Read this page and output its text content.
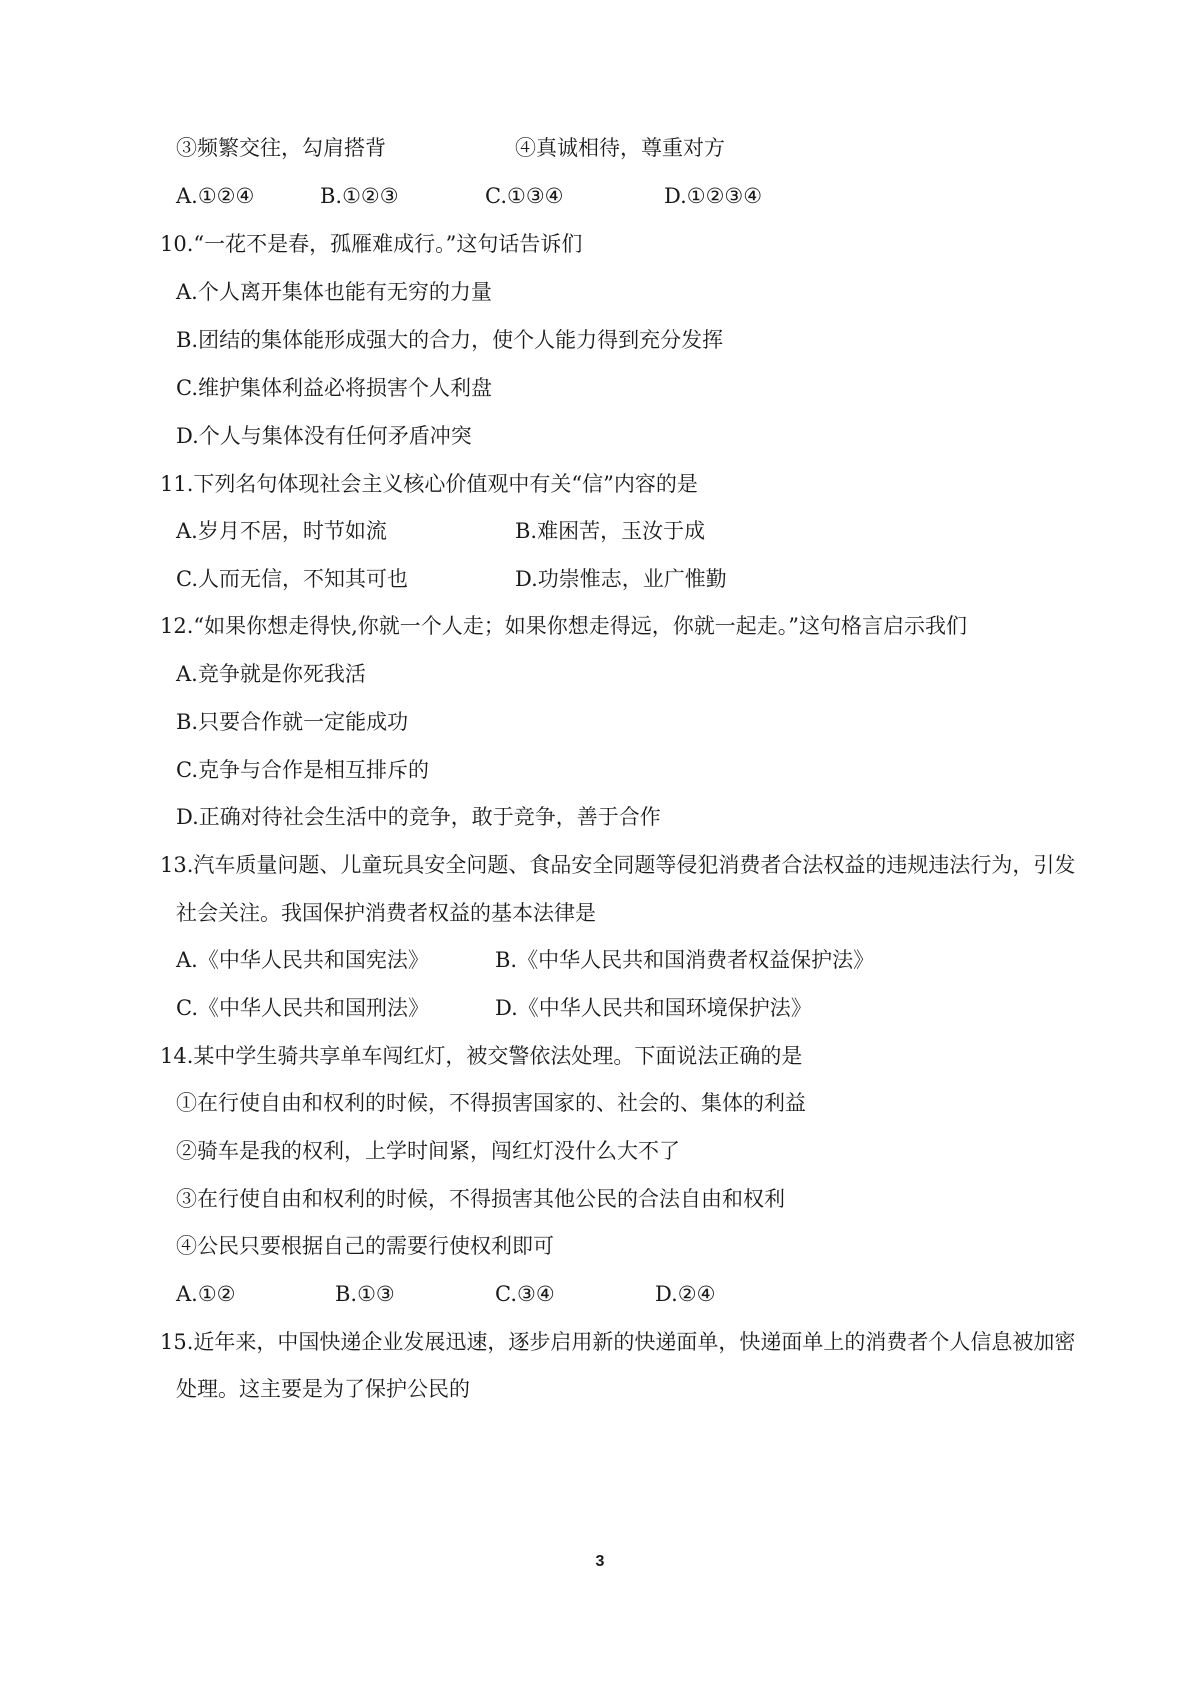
③频繁交往，勾肩搭背	④真诚相待，尊重对方
A.①②④	B.①②③	C.①③④	D.①②③④
10.“一花不是春，孤雁难成行。”这句话告诉们
A.个人离开集体也能有无穷的力量
B.团结的集体能形成强大的合力，使个人能力得到充分发挥
C.维护集体利益必将损害个人利盘
D.个人与集体没有任何矛盾冲突
11.下列名句体现社会主义核心价值观中有关“信”内容的是
A.岁月不居，时节如流	B.难困苦，玉汝于成
C.人而无信，不知其可也	D.功崇惟志，业广惟勤
12.“如果你想走得快,你就一个人走；如果你想走得远，你就一起走。”这句格言启示我们
A.竞争就是你死我活
B.只要合作就一定能成功
C.克争与合作是相互排斥的
D.正确对待社会生活中的竞争，敢于竞争，善于合作
13.汽车质量问题、儿童玩具安全问题、食品安全同题等侵犯消费者合法权益的违规违法行为，引发
社会关注。我国保护消费者权益的基本法律是
A.《中华人民共和国宪法》	B.《中华人民共和国消费者权益保护法》
C.《中华人民共和国刑法》	D.《中华人民共和国环境保护法》
14.某中学生骑共享单车闯红灯，被交警依法处理。下面说法正确的是
①在行使自由和权利的时候，不得损害国家的、社会的、集体的利益
②骑车是我的权利，上学时间紧，闯红灯没什么大不了
③在行使自由和权利的时候，不得损害其他公民的合法自由和权利
④公民只要根据自己的需要行使权利即可
A.①②	B.①③	C.③④	D.②④
15.近年来，中国快递企业发展迅速，逐步启用新的快递面单，快递面单上的消费者个人信息被加密
处理。这主要是为了保护公民的
3
